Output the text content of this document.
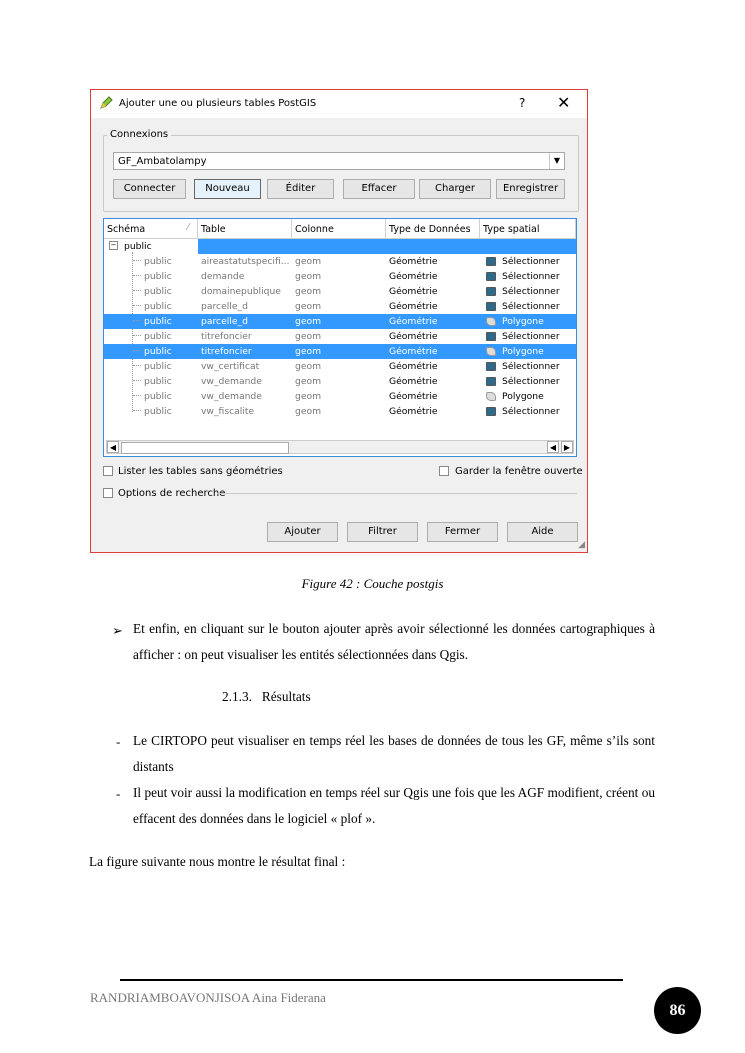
Ajouter une ou plusieurs tables PostGIS	? ✕
Connexions
GF_Ambatolampy	▼
Connecter	Nouveau	Éditer	Effacer	Charger	Enregistrer
Schéma	⁄	Table	Colonne	Type de Données	Type spatial
− public
public	aireastatutspecifi... geom	Géométrie	Sélectionner
public	demande	geom	Géométrie	Sélectionner
public	domainepublique	geom	Géométrie	Sélectionner
public	parcelle_d	geom	Géométrie	Sélectionner
public	parcelle_d	geom	Géométrie	Polygone
public	titrefoncier	geom	Géométrie	Sélectionner
public	titrefoncier	geom	Géométrie	Polygone
public	vw_certificat	geom	Géométrie	Sélectionner
public	vw_demande	geom	Géométrie	Sélectionner
public	vw_demande	geom	Géométrie	Polygone
public	vw_fiscalite	geom	Géométrie	Sélectionner
◀	◀ ▶
Lister les tables sans géométries	Garder la fenêtre ouverte
Options de recherche
Ajouter	Filtrer	Fermer	Aide
◢
Figure 42 : Couche postgis
➢ Et enfin, en cliquant sur le bouton ajouter après avoir sélectionné les données cartographiques à afficher : on peut visualiser les entités sélectionnées dans Qgis.
2.1.3. Résultats
- Le CIRTOPO peut visualiser en temps réel les bases de données de tous les GF, même s’ils sont distants
- Il peut voir aussi la modification en temps réel sur Qgis une fois que les AGF modifient, créent ou effacent des données dans le logiciel « plof ».
La figure suivante nous montre le résultat final :
RANDRIAMBOAVONJISOA Aina Fiderana
86
